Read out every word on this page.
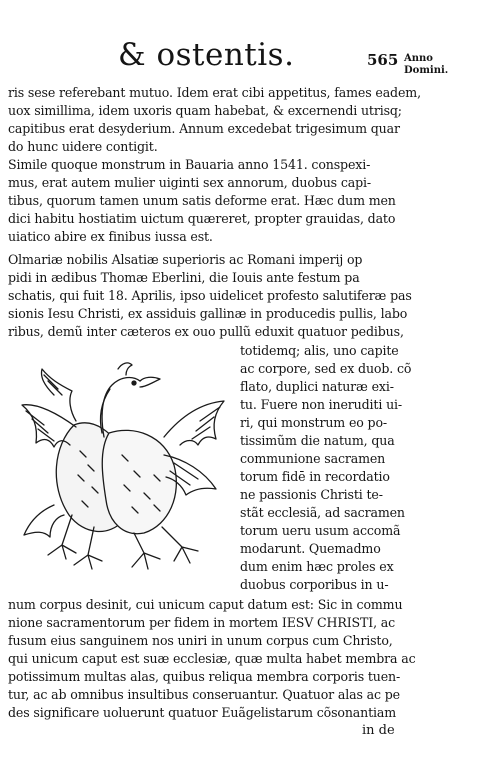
& ostentis.	565 Anno Domini.
ris sese referebant mutuo. Idem erat cibi appetitus, fames eadem,
uox simillima, idem uxoris quam habebat, & excernendi utrisq;
capitibus erat desyderium. Annum excedebat trigesimum quar
do hunc uidere contigit.
Simile quoque monstrum in Bauaria anno 1541. conspexi-
mus, erat autem mulier uiginti sex annorum, duobus capi-
tibus, quorum tamen unum satis deforme erat. Hæc dum men
dici habitu hostiatim uictum quæreret, propter grauidas, dato
uiatico abire ex finibus iussa est.
Olmariæ nobilis Alsatiæ superioris ac Romani imperij op
pidi in ædibus Thomæ Eberlini, die Iouis ante festum pa
schatis, qui fuit 18. Aprilis, ipso uidelicet profesto salutiferæ pas
sionis Iesu Christi, ex assiduis gallinæ in producedis pullis, labo
ribus, demũ inter cæteros ex ouo pullũ eduxit quatuor pedibus,
totidemq; alis, uno capite
ac corpore, sed ex duob. cõ
flato, duplici naturæ exi-
tu. Fuere non ineruditi ui-
ri, qui monstrum eo po-
tissimũm die natum, qua
communione sacramen
torum fidē in recordatio
ne passionis Christi te-
stãt ecclesiã, ad sacramen
torum ueru usum accomã
modarunt. Quemadmo
dum enim hæc proles ex
duobus corporibus in u-
num corpus desinit, cui unicum caput datum est: Sic in commu
nione sacramentorum per fidem in mortem IESV CHRISTI, ac
fusum eius sanguinem nos uniri in unum corpus cum Christo,
qui unicum caput est suæ ecclesiæ, quæ multa habet membra ac
potissimum multas alas, quibus reliqua membra corporis tuen-
tur, ac ab omnibus insultibus conseruantur. Quatuor alas ac pe
des significare uoluerunt quatuor Euãgelistarum cõsonantiam
in de
